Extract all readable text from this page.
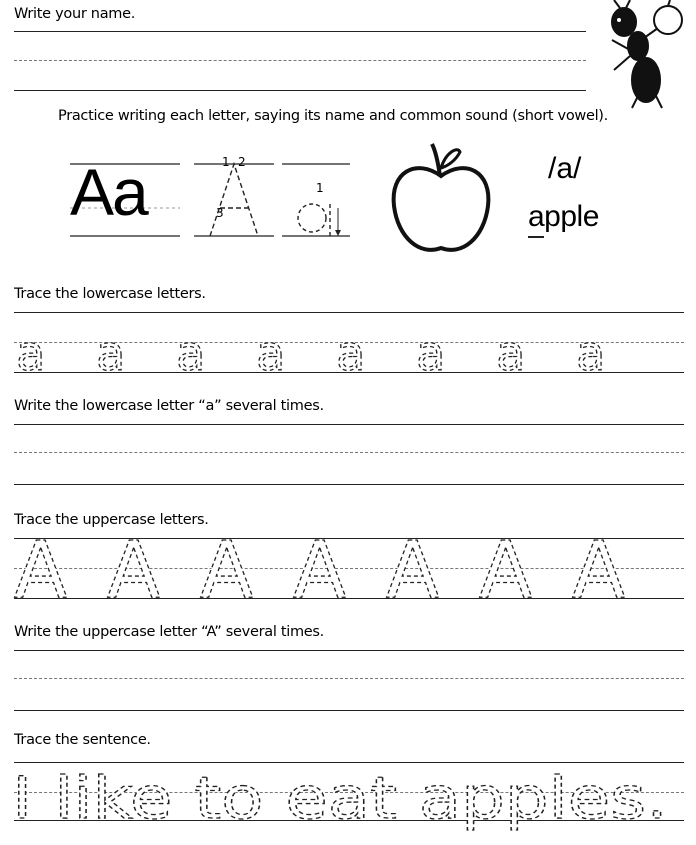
Write your name.
Practice writing each letter, saying its name and common sound (short vowel).
Aa	1 2
3
1
/a/
apple
Trace the lowercase letters.
a a a a a a a a
Write the lowercase letter “a” several times.
Trace the uppercase letters.
A A A A A A A
Write the uppercase letter “A” several times.
Trace the sentence.
I like to eat apples.
